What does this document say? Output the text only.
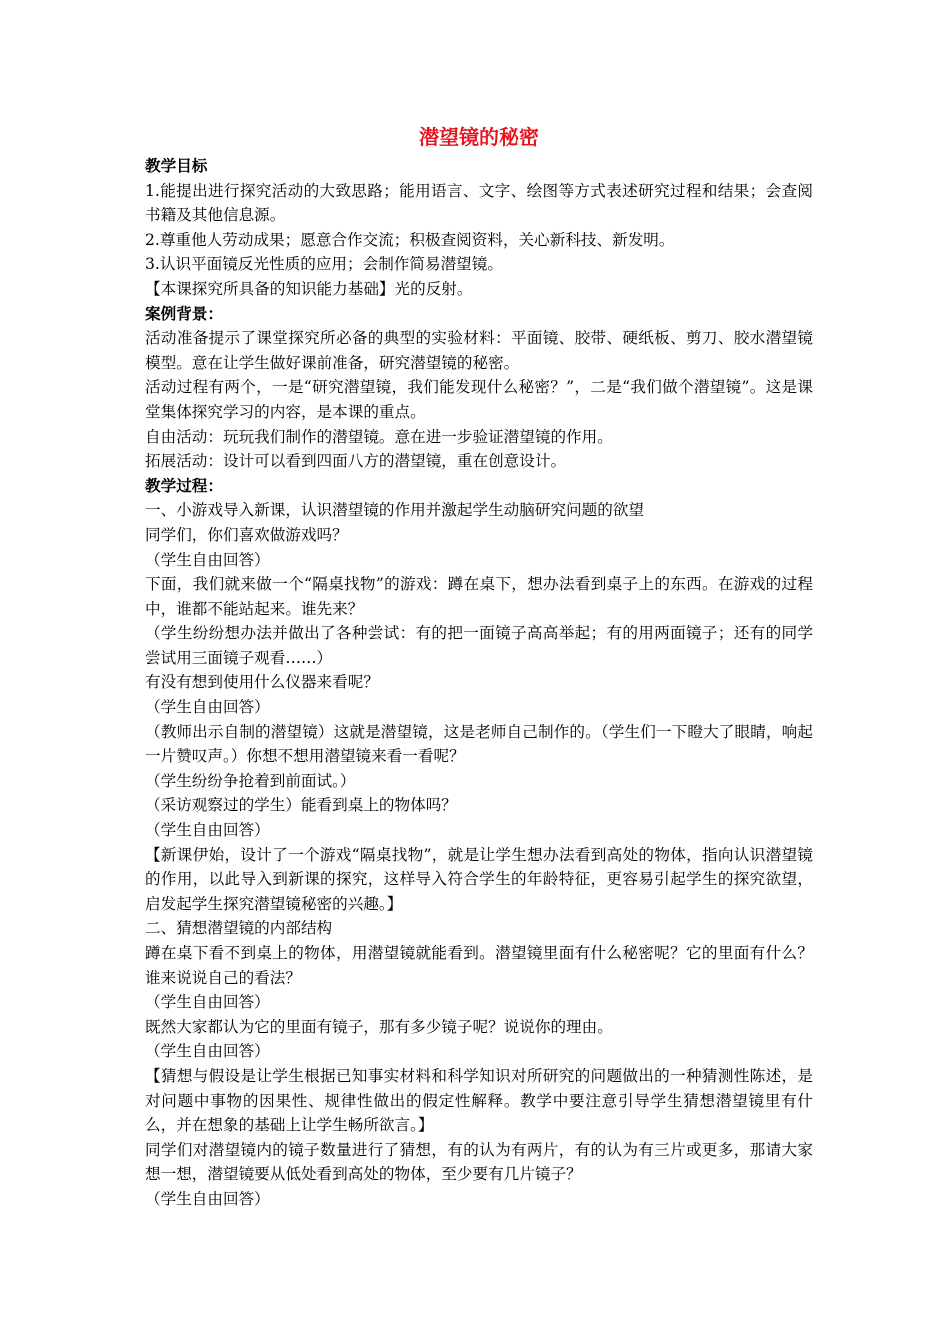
潜望镜的秘密

教学目标

1.能提出进行探究活动的大致思路；能用语言、文字、绘图等方式表述研究过程和结果；会查阅书籍及其他信息源。

2.尊重他人劳动成果；愿意合作交流；积极查阅资料，关心新科技、新发明。

3.认识平面镜反光性质的应用；会制作简易潜望镜。

【本课探究所具备的知识能力基础】光的反射。

案例背景：

活动准备提示了课堂探究所必备的典型的实验材料：平面镜、胶带、硬纸板、剪刀、胶水潜望镜模型。意在让学生做好课前准备，研究潜望镜的秘密。

活动过程有两个，一是“研究潜望镜，我们能发现什么秘密？”，二是“我们做个潜望镜”。这是课堂集体探究学习的内容，是本课的重点。

自由活动：玩玩我们制作的潜望镜。意在进一步验证潜望镜的作用。

拓展活动：设计可以看到四面八方的潜望镜，重在创意设计。

教学过程：

一、小游戏导入新课，认识潜望镜的作用并激起学生动脑研究问题的欲望

同学们，你们喜欢做游戏吗？

（学生自由回答）

下面，我们就来做一个“隔桌找物”的游戏：蹲在桌下，想办法看到桌子上的东西。在游戏的过程中，谁都不能站起来。谁先来？

（学生纷纷想办法并做出了各种尝试：有的把一面镜子高高举起；有的用两面镜子；还有的同学尝试用三面镜子观看……）

有没有想到使用什么仪器来看呢？

（学生自由回答）

（教师出示自制的潜望镜）这就是潜望镜，这是老师自己制作的。（学生们一下瞪大了眼睛，响起一片赞叹声。）你想不想用潜望镜来看一看呢？

（学生纷纷争抢着到前面试。）

（采访观察过的学生）能看到桌上的物体吗？

（学生自由回答）

【新课伊始，设计了一个游戏“隔桌找物”，就是让学生想办法看到高处的物体，指向认识潜望镜的作用，以此导入到新课的探究，这样导入符合学生的年龄特征，更容易引起学生的探究欲望，启发起学生探究潜望镜秘密的兴趣。】

二、猜想潜望镜的内部结构

蹲在桌下看不到桌上的物体，用潜望镜就能看到。潜望镜里面有什么秘密呢？它的里面有什么？谁来说说自己的看法？

（学生自由回答）

既然大家都认为它的里面有镜子，那有多少镜子呢？说说你的理由。

（学生自由回答）

【猜想与假设是让学生根据已知事实材料和科学知识对所研究的问题做出的一种猜测性陈述，是对问题中事物的因果性、规律性做出的假定性解释。教学中要注意引导学生猜想潜望镜里有什么，并在想象的基础上让学生畅所欲言。】

同学们对潜望镜内的镜子数量进行了猜想，有的认为有两片，有的认为有三片或更多，那请大家想一想，潜望镜要从低处看到高处的物体，至少要有几片镜子？

（学生自由回答）
